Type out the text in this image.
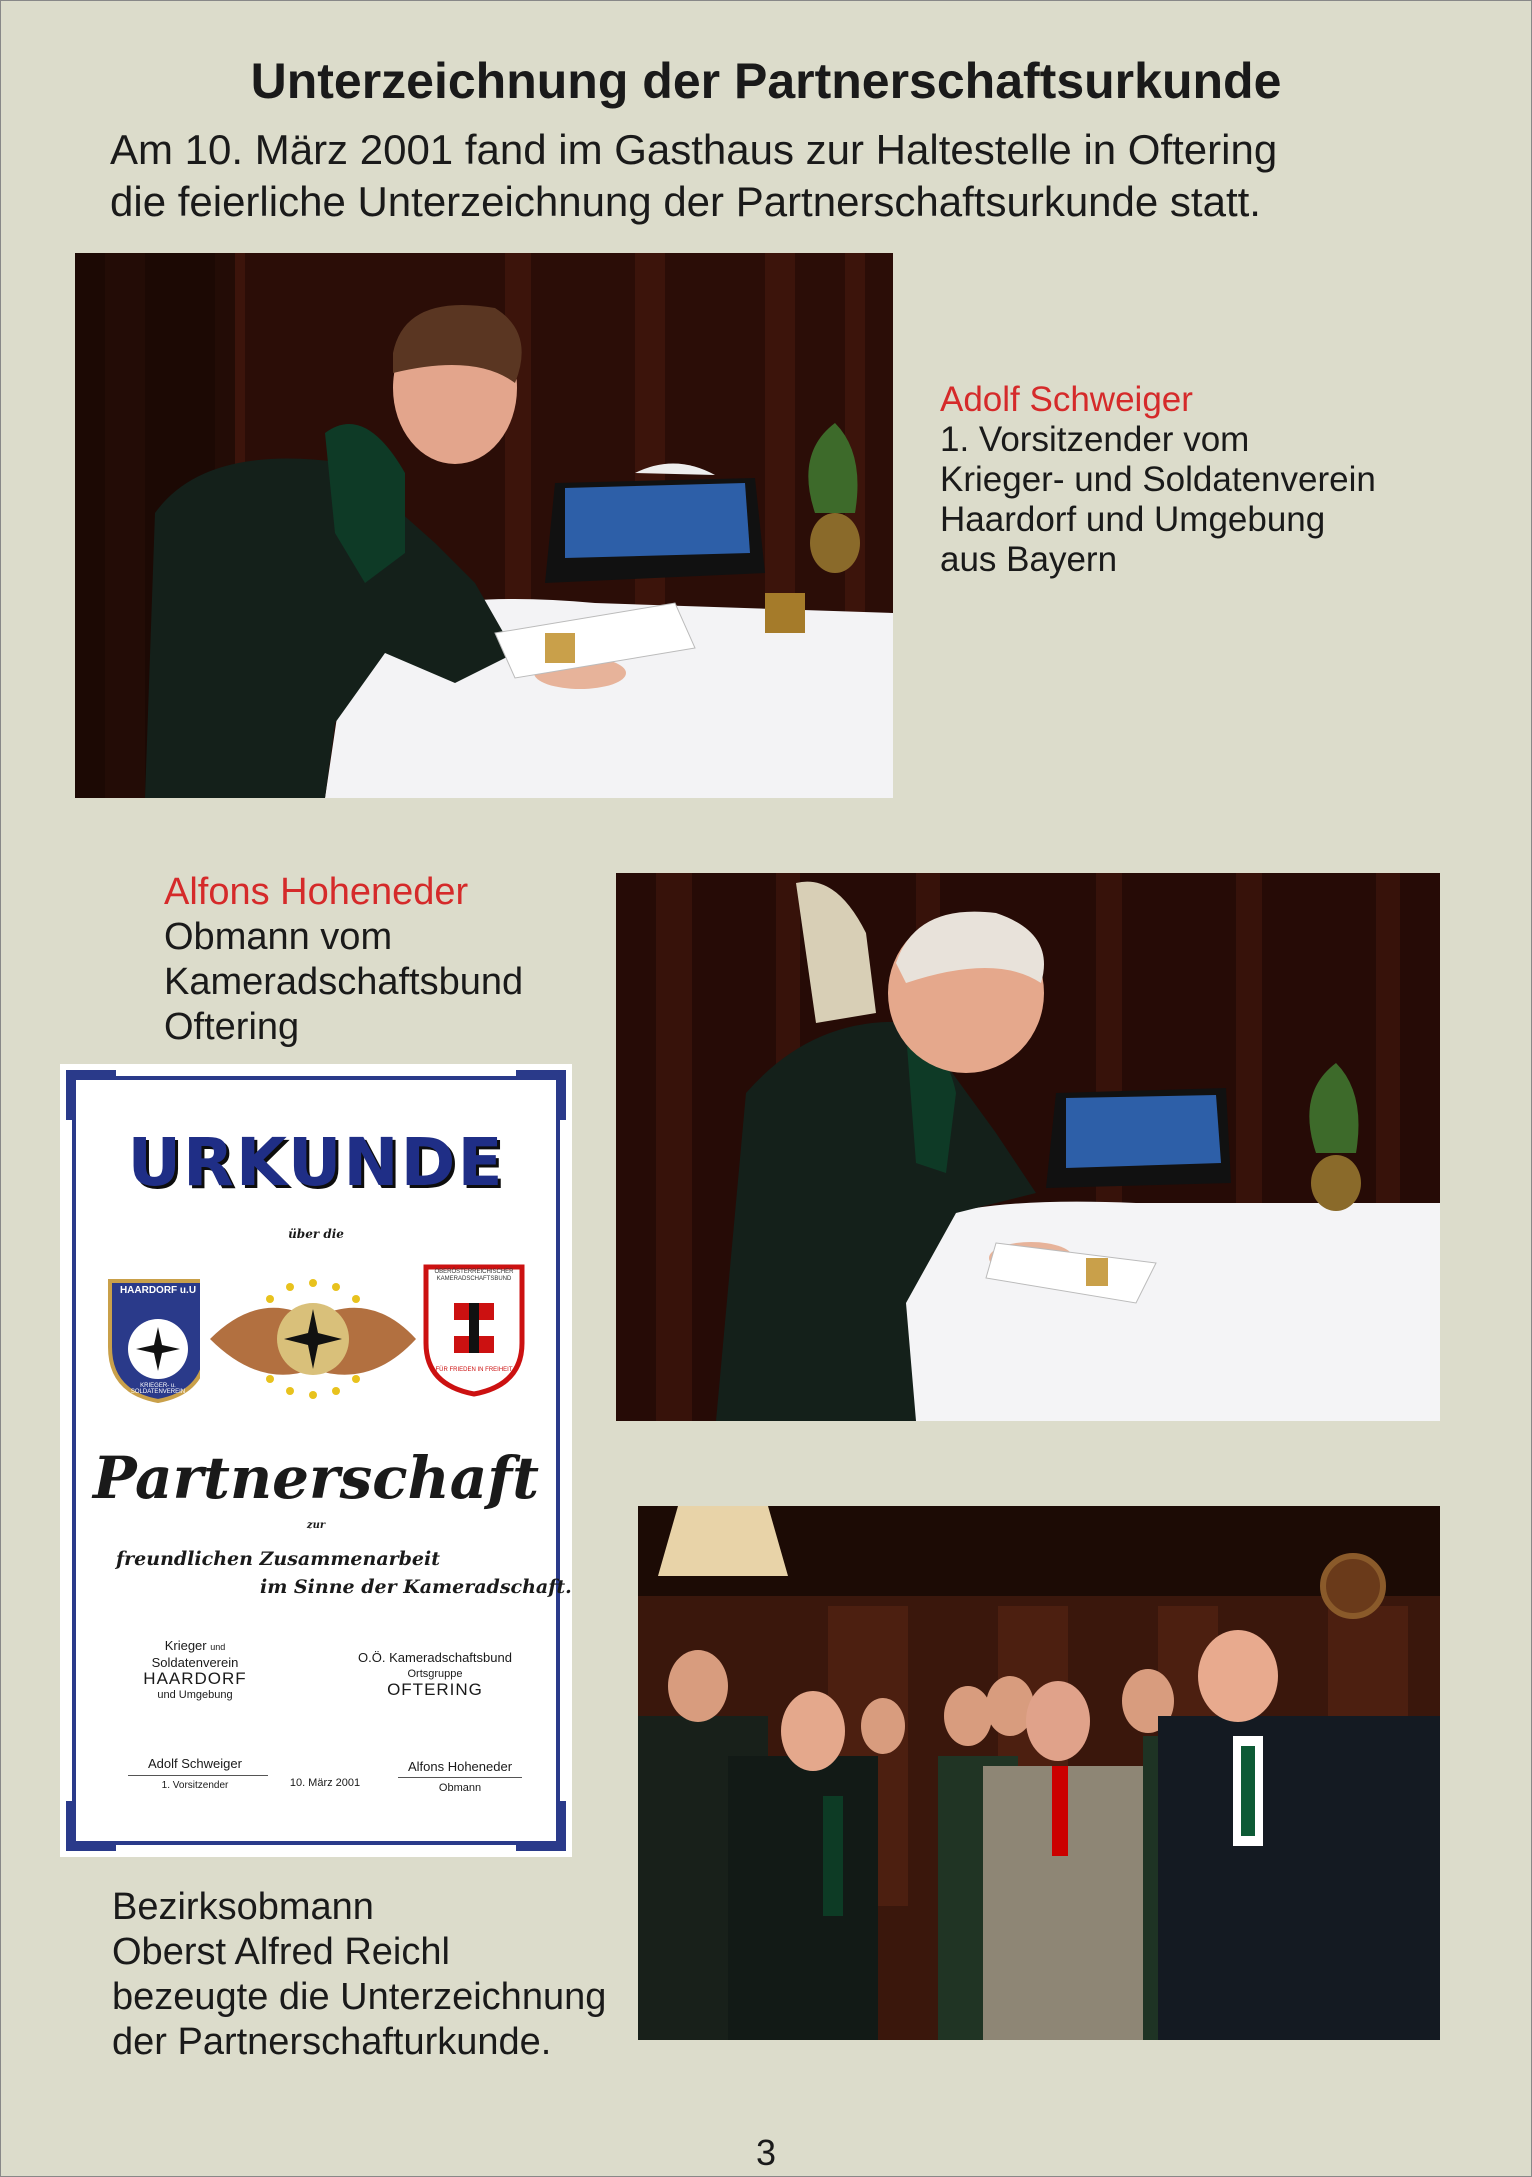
Unterzeichnung der Partnerschaftsurkunde
Am 10. März 2001 fand im Gasthaus zur Haltestelle in Oftering
die feierliche Unterzeichnung der Partnerschaftsurkunde statt.
Adolf Schweiger
1. Vorsitzender vom
Krieger- und Soldatenverein
Haardorf und Umgebung
aus Bayern
Alfons Hoheneder
Obmann vom
Kameradschaftsbund
Oftering
URKUNDE
über die
HAARDORF u.U
KRIEGER- u. SOLDATENVEREIN
OBERÖSTERREICHISCHER KAMERADSCHAFTSBUND
FÜR FRIEDEN IN FREIHEIT
Partnerschaft
zur
freundlichen Zusammenarbeit
im Sinne der Kameradschaft.
Krieger und
Soldatenverein
HAARDORF
und Umgebung
O.Ö. Kameradschaftsbund
Ortsgruppe
OFTERING
Adolf Schweiger
1. Vorsitzender	10. März 2001
Alfons Hoheneder
Obmann
Bezirksobmann
Oberst Alfred Reichl
bezeugte die Unterzeichnung
der Partnerschafturkunde.
3
